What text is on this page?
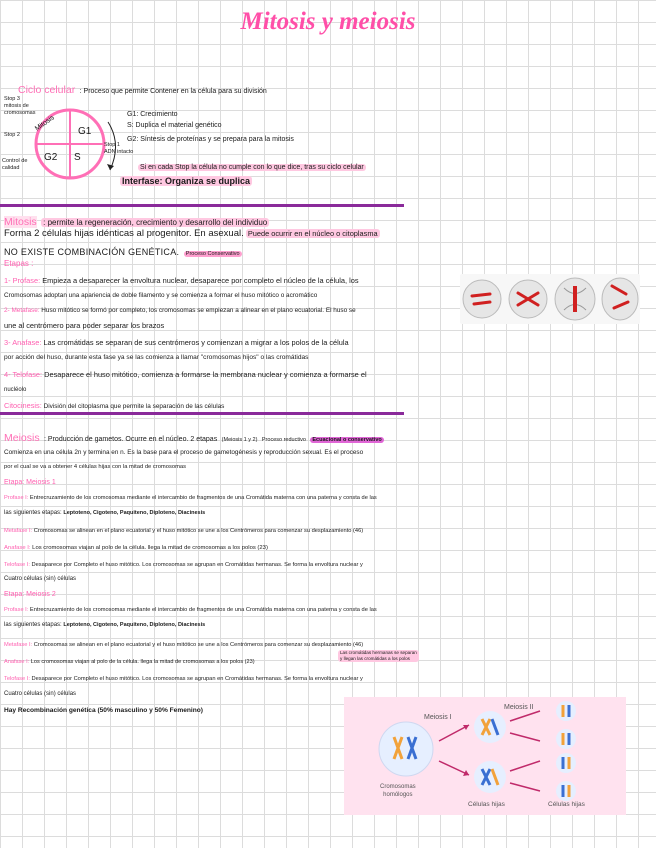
Mitosis y meiosis
Ciclo celular : Proceso que permite Contener en la célula para su división
Stop 3
mitosis de
cromosomas
Stop 2
Control de
calidad
Mitosis G1
G2 S
G1: Crecimiento
S: Duplica el material genético
G2: Síntesis de proteínas y se prepara para la mitosis
Stop 1
ADN intacto
Si en cada Stop la célula no cumple con lo que dice, tras su ciclo celular
Interfase: Organiza se duplica
Mitosis : permite la regeneración, crecimiento y desarrollo del individuo
Forma 2 células hijas idénticas al progenitor. En asexual. Puede ocurrir en el núcleo o citoplasma
NO EXISTE COMBINACIÓN GENÉTICA. Proceso Conservativo
Etapas :
1- Profase: Empieza a desaparecer la envoltura nuclear, desaparece por completo el núcleo de la célula, los
Cromosomas adoptan una apariencia de doble filamento y se comienza a formar el huso mitótico o acromático
2- Metafase: Huso mitótico se formó por completo, los cromosomas se empiezan a alinear en el plano ecuatorial. El huso se
une al centrómero para poder separar los brazos
3- Anafase: Las cromátidas se separan de sus centrómeros y comienzan a migrar a los polos de la célula
por acción del huso, durante esta fase ya se las comienza a llamar "cromosomas hijos" o las cromátidas
4- Telofase: Desaparece el huso mitótico, comienza a formarse la membrana nuclear y comienza a formarse el
nucléolo
Citocinesis: División del citoplasma que permite la separación de las células
Meiosis : Producción de gametos. Ocurre en el núcleo. 2 etapas (Meiosis 1 y 2) Proceso reductivo Ecuacional o conservativo
Comienza en una célula 2n y termina en n. Es la base para el proceso de gametogénesis y reproducción sexual. Es el proceso
por el cual se va a obtener 4 células hijas con la mitad de cromosomas
Etapa: Meiosis 1
Profase I: Entrecruzamiento de los cromosomas mediante el intercambio de fragmentos de una Cromátida materna con una paterna y consta de las
las siguientes etapas: Leptoteno, Cigoteno, Paquiteno, Diploteno, Diacinesis
Metafase I: Cromosomas se alinean en el plano ecuatorial y el huso mitótico se une a los Centrómeros para comenzar su desplazamiento (46)
Anafase I: Los cromosomas viajan al polo de la célula. llega la mitad de cromosomas a los polos (23)
Telofase I: Desaparece por Completo el huso mitótico. Los cromosomas se agrupan en Cromátidas hermanas. Se forma la envoltura nuclear y
Cuatro células (sin) células
Etapa: Meiosis 2
Profase I: Entrecruzamiento de los cromosomas mediante el intercambio de fragmentos de una Cromátida materna con una paterna y consta de las
las siguientes etapas: Leptoteno, Cigoteno, Paquiteno, Diploteno, Diacinesis
Metafase I: Cromosomas se alinean en el plano ecuatorial y el huso mitótico se une a los Centrómeros para comenzar su desplazamiento (46)
Anafase I: Los cromosomas viajan al polo de la célula. llega la mitad de cromosomas a los polos (23)
Las cromátidas hermanas se separan
y llegan las cromátidas a los polos
Telofase I: Desaparece por Completo el huso mitótico. Los cromosomas se agrupan en Cromátidas hermanas. Se forma la envoltura nuclear y
Cuatro células (sin) células
Hay Recombinación genética (50% masculino y 50% Femenino)
Meiosis I
Meiosis II
Cromosomas
homólogos
Células hijas	Células hijas
